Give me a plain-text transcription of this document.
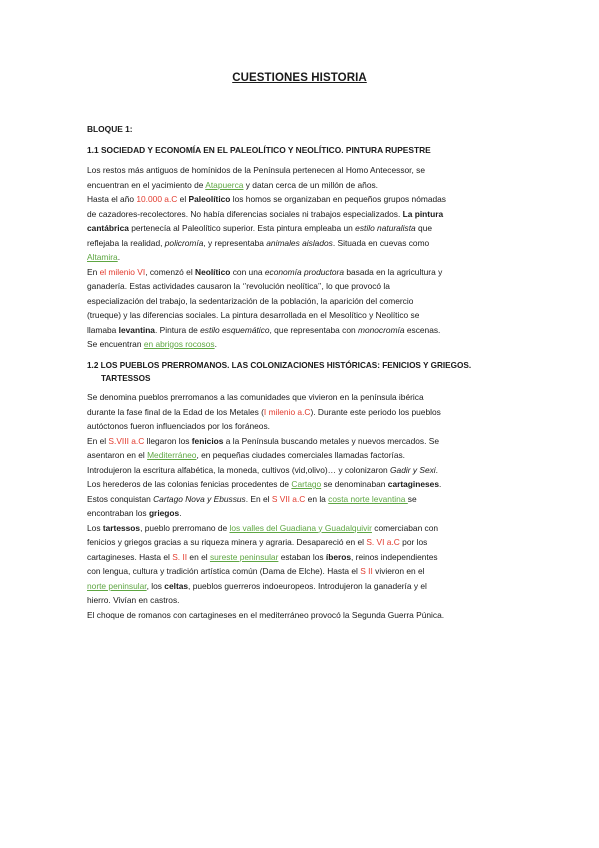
CUESTIONES HISTORIA
BLOQUE 1:
1.1 SOCIEDAD Y ECONOMÍA EN EL PALEOLÍTICO Y NEOLÍTICO. PINTURA RUPESTRE
Los restos más antiguos de homínidos de la Península pertenecen al Homo Antecessor, se
encuentran en el yacimiento de Atapuerca y datan cerca de un millón de años.
Hasta el año 10.000 a.C el Paleolítico los homos se organizaban en pequeños grupos nómadas
de cazadores-recolectores. No había diferencias sociales ni trabajos especializados. La pintura
cantábrica pertenecía al Paleolítico superior. Esta pintura empleaba un estilo naturalista que
reflejaba la realidad, policromía, y representaba animales aislados. Situada en cuevas como
Altamira.
En el milenio VI, comenzó el Neolítico con una economía productora basada en la agricultura y
ganadería. Estas actividades causaron la ‘’revolución neolítica’’, lo que provocó la
especialización del trabajo, la sedentarización de la población, la aparición del comercio
(trueque) y las diferencias sociales. La pintura desarrollada en el Mesolítico y Neolítico se
llamaba levantina. Pintura de estilo esquemático, que representaba con monocromía escenas.
Se encuentran en abrigos rocosos.
1.2 LOS PUEBLOS PRERROMANOS. LAS COLONIZACIONES HISTÓRICAS: FENICIOS Y GRIEGOS.
TARTESSOS
Se denomina pueblos prerromanos a las comunidades que vivieron en la península ibérica
durante la fase final de la Edad de los Metales (I milenio a.C). Durante este periodo los pueblos
autóctonos fueron influenciados por los foráneos.
En el S.VIII a.C llegaron los fenicios a la Península buscando metales y nuevos mercados. Se
asentaron en el Mediterráneo, en pequeñas ciudades comerciales llamadas factorías.
Introdujeron la escritura alfabética, la moneda, cultivos (vid,olivo)… y colonizaron Gadir y Sexi.
Los herederos de las colonias fenicias procedentes de Cartago se denominaban cartagineses.
Estos conquistan Cartago Nova y Ebussus. En el S VII a.C en la costa norte levantina se
encontraban los griegos.
Los tartessos, pueblo prerromano de los valles del Guadiana y Guadalquivir comerciaban con
fenicios y griegos gracias a su riqueza minera y agraria. Desapareció en el S. VI a.C por los
cartagineses. Hasta el S. II en el sureste peninsular estaban los íberos, reinos independientes
con lengua, cultura y tradición artística común (Dama de Elche). Hasta el S II vivieron en el
norte peninsular, los celtas, pueblos guerreros indoeuropeos. Introdujeron la ganadería y el
hierro. Vivían en castros.
El choque de romanos con cartagineses en el mediterráneo provocó la Segunda Guerra Púnica.
